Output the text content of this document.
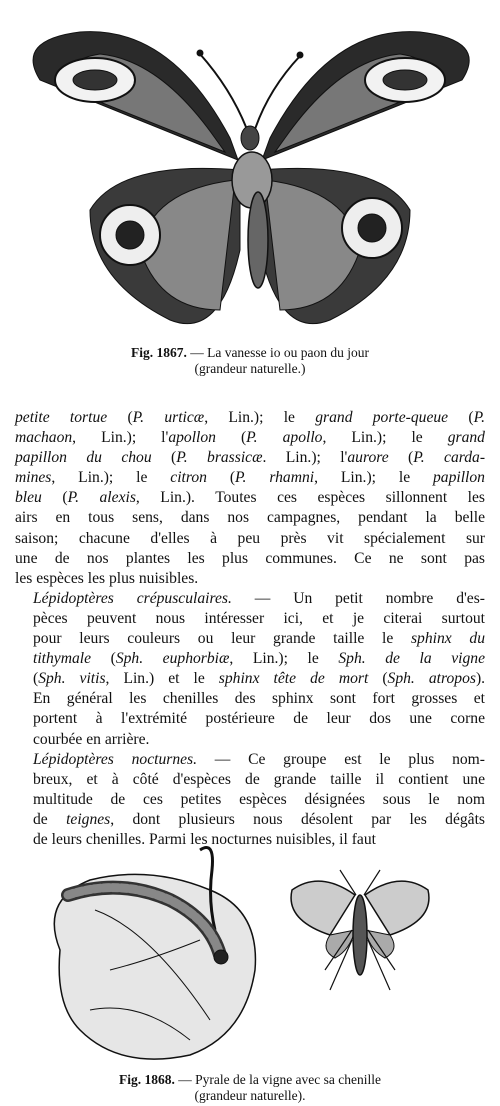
Fig. 1867. — La vanesse io ou paon du jour
(grandeur naturelle.)

petite tortue (P. urticæ, Lin.); le grand porte-queue (P.
machaon, Lin.); l'apollon (P. apollo, Lin.); le grand
papillon du chou (P. brassicæ. Lin.); l'aurore (P. carda-
mines, Lin.); le citron (P. rhamni, Lin.); le papillon
bleu (P. alexis, Lin.). Toutes ces espèces sillonnent les
airs en tous sens, dans nos campagnes, pendant la belle
saison; chacune d'elles à peu près vit spécialement sur
une de nos plantes les plus communes. Ce ne sont pas
les espèces les plus nuisibles.

Lépidoptères crépusculaires. — Un petit nombre d'es-
pèces peuvent nous intéresser ici, et je citerai surtout
pour leurs couleurs ou leur grande taille le sphinx du
tithymale (Sph. euphorbiæ, Lin.); le Sph. de la vigne
(Sph. vitis, Lin.) et le sphinx tête de mort (Sph. atropos).
En général les chenilles des sphinx sont fort grosses et
portent à l'extrémité postérieure de leur dos une corne
courbée en arrière.

Lépidoptères nocturnes. — Ce groupe est le plus nom-
breux, et à côté d'espèces de grande taille il contient une
multitude de ces petites espèces désignées sous le nom
de teignes, dont plusieurs nous désolent par les dégâts
de leurs chenilles. Parmi les nocturnes nuisibles, il faut

Fig. 1868. — Pyrale de la vigne avec sa chenille
(grandeur naturelle).
